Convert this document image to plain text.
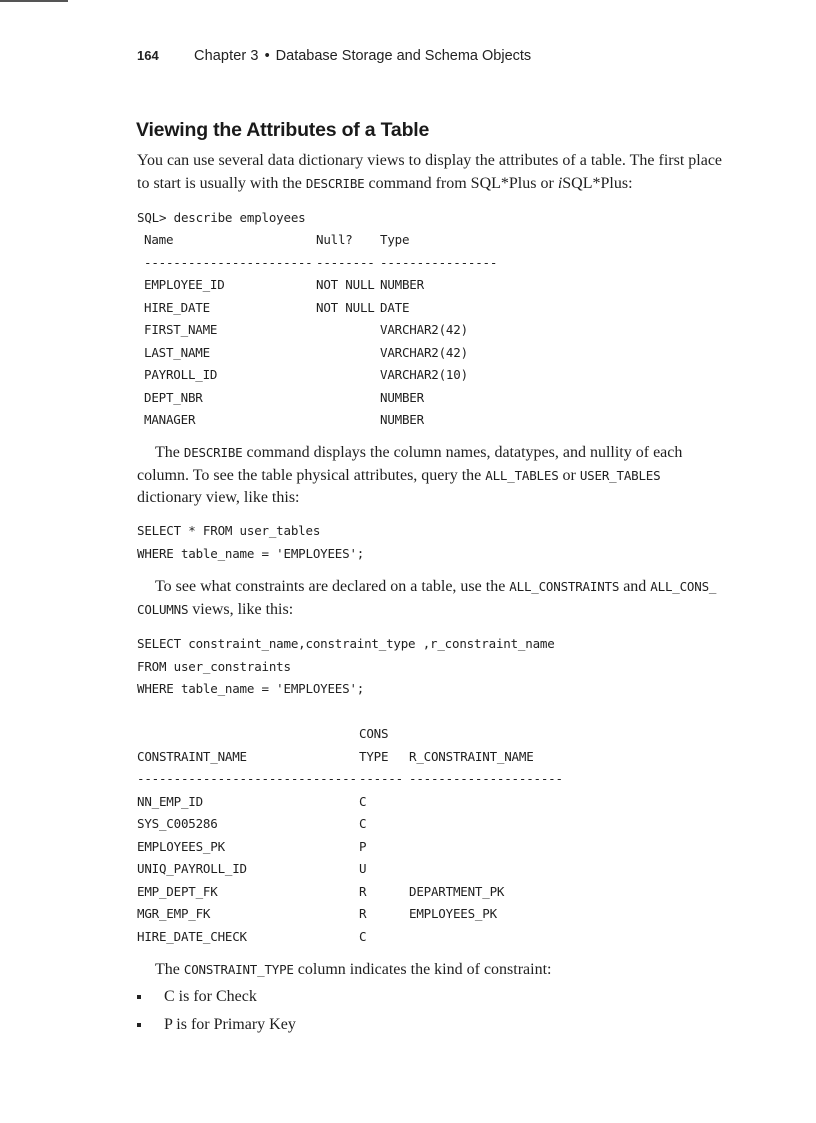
164 Chapter 3 • Database Storage and Schema Objects
Viewing the Attributes of a Table

You can use several data dictionary views to display the attributes of a table. The first place to start is usually with the DESCRIBE command from SQL*Plus or iSQL*Plus:

SQL> describe employees
Name	Null? Type
----------------------- -------- ----------------
EMPLOYEE_ID	NOT NULL NUMBER
HIRE_DATE	NOT NULL DATE
FIRST_NAME	VARCHAR2(42)
LAST_NAME	VARCHAR2(42)
PAYROLL_ID	VARCHAR2(10)
DEPT_NBR	NUMBER
MANAGER	NUMBER

The DESCRIBE command displays the column names, datatypes, and nullity of each column. To see the table physical attributes, query the ALL_TABLES or USER_TABLES dictionary view, like this:

SELECT * FROM user_tables
WHERE table_name = 'EMPLOYEES';

To see what constraints are declared on a table, use the ALL_CONSTRAINTS and ALL_CONS_
COLUMNS views, like this:

SELECT constraint_name,constraint_type ,r_constraint_name
FROM user_constraints
WHERE table_name = 'EMPLOYEES';
CONS
CONSTRAINT_NAME	TYPE R_CONSTRAINT_NAME
------------------------------ ------ ---------------------
NN_EMP_ID	C
SYS_C005286	C
EMPLOYEES_PK	P
UNIQ_PAYROLL_ID	U
EMP_DEPT_FK	R	DEPARTMENT_PK
MGR_EMP_FK	R	EMPLOYEES_PK
HIRE_DATE_CHECK	C

The CONSTRAINT_TYPE column indicates the kind of constraint:

C is for Check
P is for Primary Key
